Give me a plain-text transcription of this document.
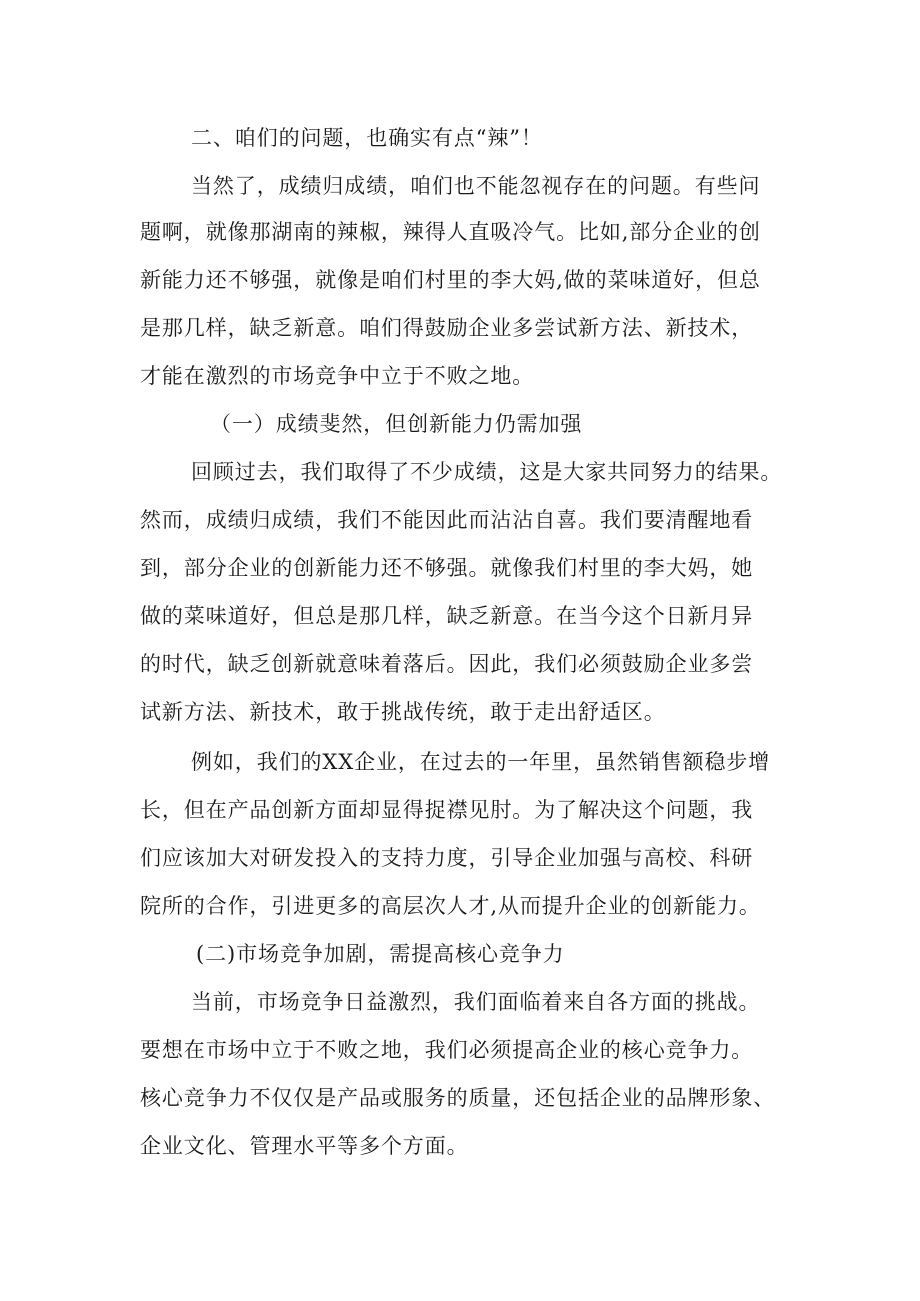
二、咱们的问题，也确实有点“辣”！
当然了，成绩归成绩，咱们也不能忽视存在的问题。有些问
题啊，就像那湖南的辣椒，辣得人直吸冷气。比如,部分企业的创
新能力还不够强，就像是咱们村里的李大妈,做的菜味道好，但总
是那几样，缺乏新意。咱们得鼓励企业多尝试新方法、新技术，
才能在激烈的市场竞争中立于不败之地。
（一）成绩斐然，但创新能力仍需加强
回顾过去，我们取得了不少成绩，这是大家共同努力的结果。
然而，成绩归成绩，我们不能因此而沾沾自喜。我们要清醒地看
到，部分企业的创新能力还不够强。就像我们村里的李大妈，她
做的菜味道好，但总是那几样，缺乏新意。在当今这个日新月异
的时代，缺乏创新就意味着落后。因此，我们必须鼓励企业多尝
试新方法、新技术，敢于挑战传统，敢于走出舒适区。
例如，我们的XX企业，在过去的一年里，虽然销售额稳步增
长，但在产品创新方面却显得捉襟见肘。为了解决这个问题，我
们应该加大对研发投入的支持力度，引导企业加强与高校、科研
院所的合作，引进更多的高层次人才,从而提升企业的创新能力。
(二)市场竞争加剧，需提高核心竞争力
当前，市场竞争日益激烈，我们面临着来自各方面的挑战。
要想在市场中立于不败之地，我们必须提高企业的核心竞争力。
核心竞争力不仅仅是产品或服务的质量，还包括企业的品牌形象、
企业文化、管理水平等多个方面。
